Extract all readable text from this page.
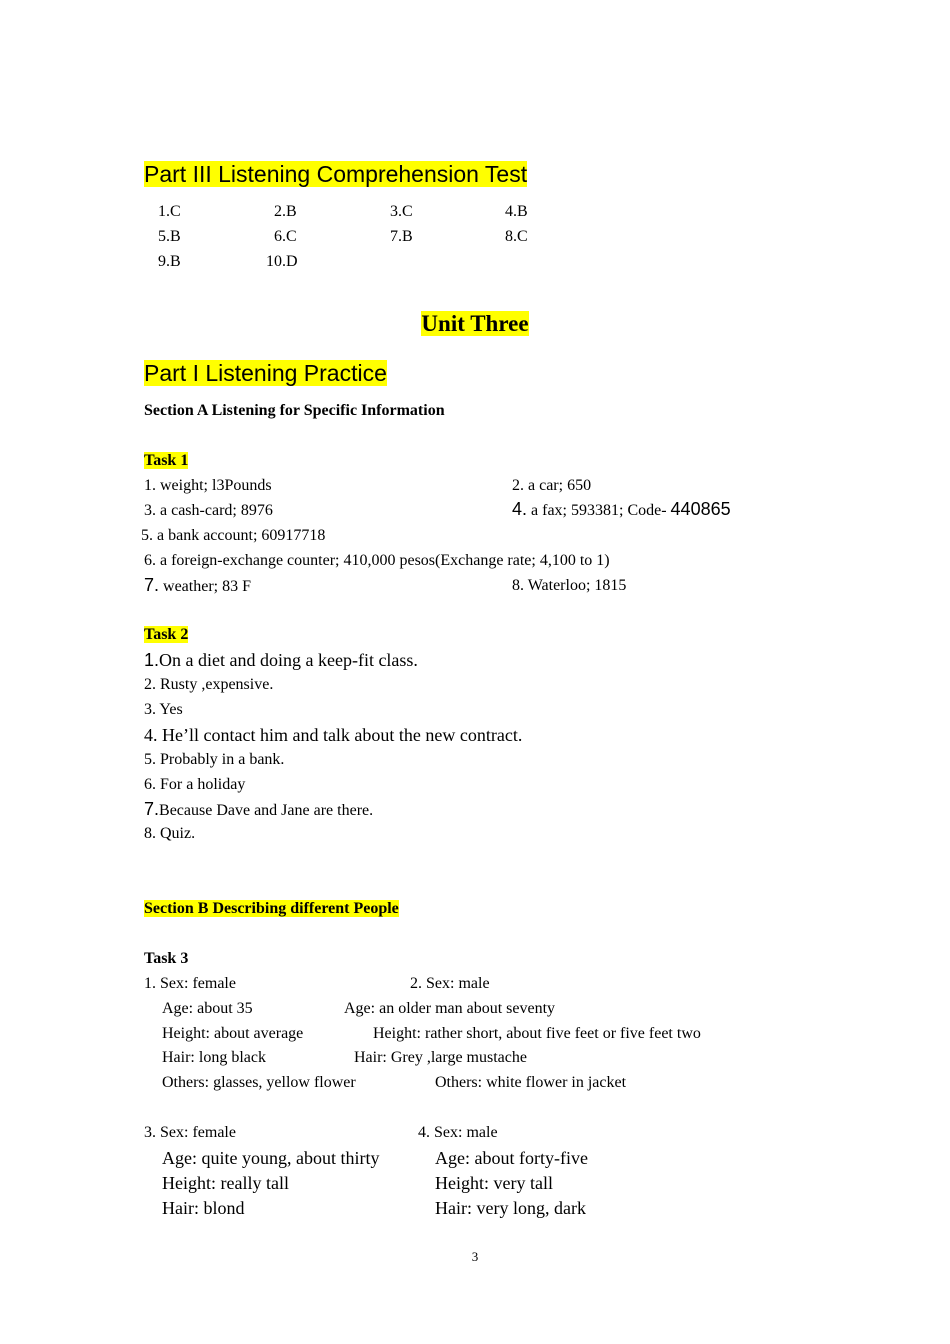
Part III Listening Comprehension Test
1.C	2.B	3.C	4.B
5.B	6.C	7.B	8.C
9.B	10.D
Unit Three
Part I Listening Practice
Section A Listening for Specific Information
Task 1
1. weight; l3Pounds	2. a car; 650
3. a cash-card; 8976	4. a fax; 593381; Code- 440865
5. a bank account; 60917718
6. a foreign-exchange counter; 410,000 pesos(Exchange rate; 4,100 to 1)
7. weather; 83 F	8. Waterloo; 1815
Task 2
1.On a diet and doing a keep-fit class.
2. Rusty ,expensive.
3. Yes
4. He’ll contact him and talk about the new contract.
5. Probably in a bank.
6. For a holiday
7.Because Dave and Jane are there.
8. Quiz.
Section B Describing different People
Task 3
1. Sex: female	2. Sex: male
Age: about 35	Age: an older man about seventy
Height: about average	Height: rather short, about five feet or five feet two
Hair: long black	Hair: Grey ,large mustache
Others: glasses, yellow flower	Others: white flower in jacket
3. Sex: female	4. Sex: male
Age: quite young, about thirty	Age: about forty-five
Height: really tall	Height: very tall
Hair: blond	Hair: very long, dark
3
